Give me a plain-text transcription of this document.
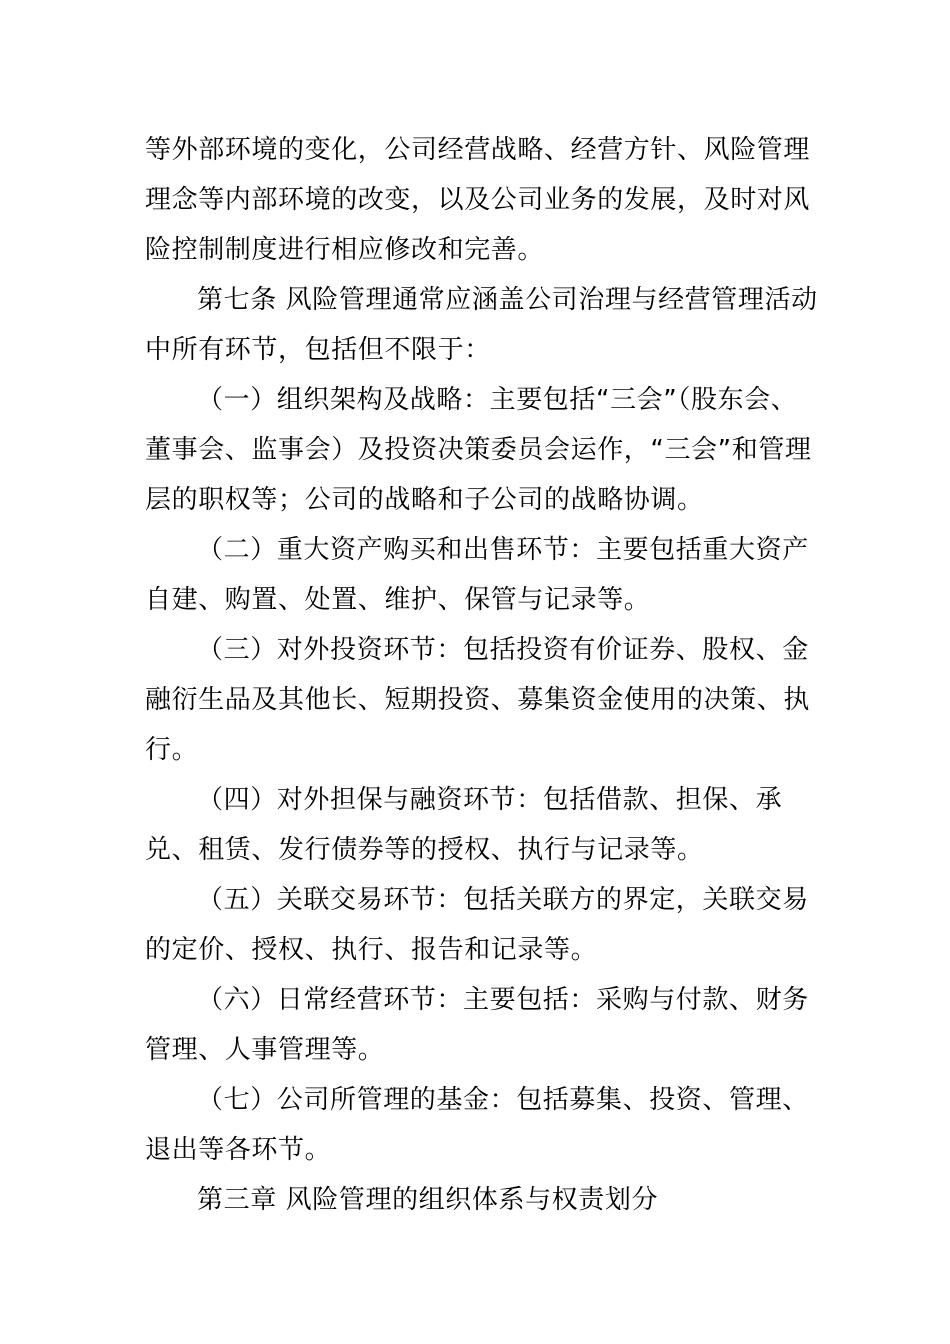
等外部环境的变化，公司经营战略、经营方针、风险管理
理念等内部环境的改变，以及公司业务的发展，及时对风
险控制制度进行相应修改和完善。
第七条 风险管理通常应涵盖公司治理与经营管理活动
中所有环节，包括但不限于：
（一）组织架构及战略：主要包括“三会”（股东会、
董事会、监事会）及投资决策委员会运作，“三会”和管理
层的职权等；公司的战略和子公司的战略协调。
（二）重大资产购买和出售环节：主要包括重大资产
自建、购置、处置、维护、保管与记录等。
（三）对外投资环节：包括投资有价证券、股权、金
融衍生品及其他长、短期投资、募集资金使用的决策、执
行。
（四）对外担保与融资环节：包括借款、担保、承
兑、租赁、发行债券等的授权、执行与记录等。
（五）关联交易环节：包括关联方的界定，关联交易
的定价、授权、执行、报告和记录等。
（六）日常经营环节：主要包括：采购与付款、财务
管理、人事管理等。
（七）公司所管理的基金：包括募集、投资、管理、
退出等各环节。
第三章 风险管理的组织体系与权责划分
